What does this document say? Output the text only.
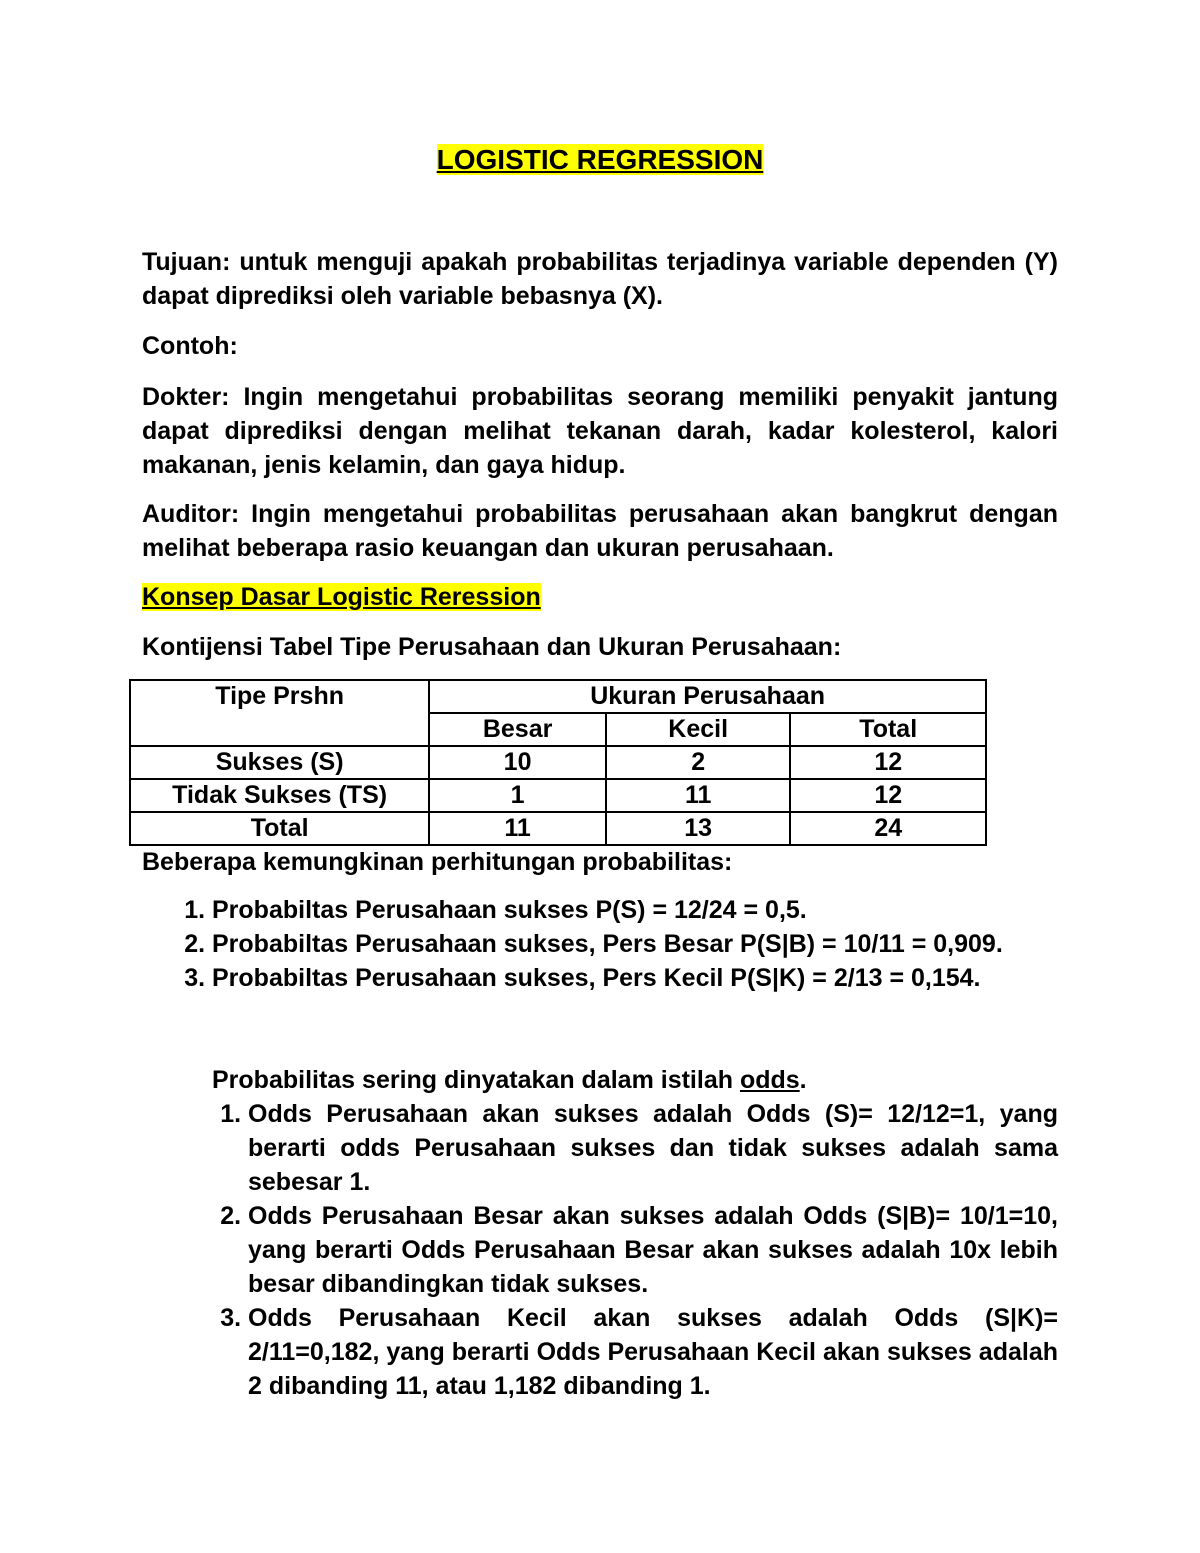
LOGISTIC REGRESSION
Tujuan: untuk menguji apakah probabilitas terjadinya variable dependen (Y) dapat diprediksi oleh variable bebasnya (X).
Contoh:
Dokter: Ingin mengetahui probabilitas seorang memiliki penyakit jantung dapat diprediksi dengan melihat tekanan darah, kadar kolesterol, kalori makanan, jenis kelamin, dan gaya hidup.
Auditor: Ingin mengetahui probabilitas perusahaan akan bangkrut dengan melihat beberapa rasio keuangan dan ukuran perusahaan.
Konsep Dasar Logistic Reression
Kontijensi Tabel Tipe Perusahaan dan Ukuran Perusahaan:
Tipe Prshn	Ukuran Perusahaan		
	Besar	Kecil	Total
Sukses (S)	10	2	12
Tidak Sukses (TS)	1	11	12
Total	11	13	24
Beberapa kemungkinan perhitungan probabilitas:
1. Probabiltas Perusahaan sukses P(S) = 12/24 = 0,5.
2. Probabiltas Perusahaan sukses, Pers Besar P(S|B) = 10/11 = 0,909.
3. Probabiltas Perusahaan sukses, Pers Kecil P(S|K) = 2/13 = 0,154.
Probabilitas sering dinyatakan dalam istilah odds.
1. Odds Perusahaan akan sukses adalah Odds (S)= 12/12=1, yang berarti odds Perusahaan sukses dan tidak sukses adalah sama sebesar 1.
2. Odds Perusahaan Besar akan sukses adalah Odds (S|B)= 10/1=10, yang berarti Odds Perusahaan Besar akan sukses adalah 10x lebih besar dibandingkan tidak sukses.
3. Odds Perusahaan Kecil akan sukses adalah Odds (S|K)= 2/11=0,182, yang berarti Odds Perusahaan Kecil akan sukses adalah 2 dibanding 11, atau 1,182 dibanding 1.
